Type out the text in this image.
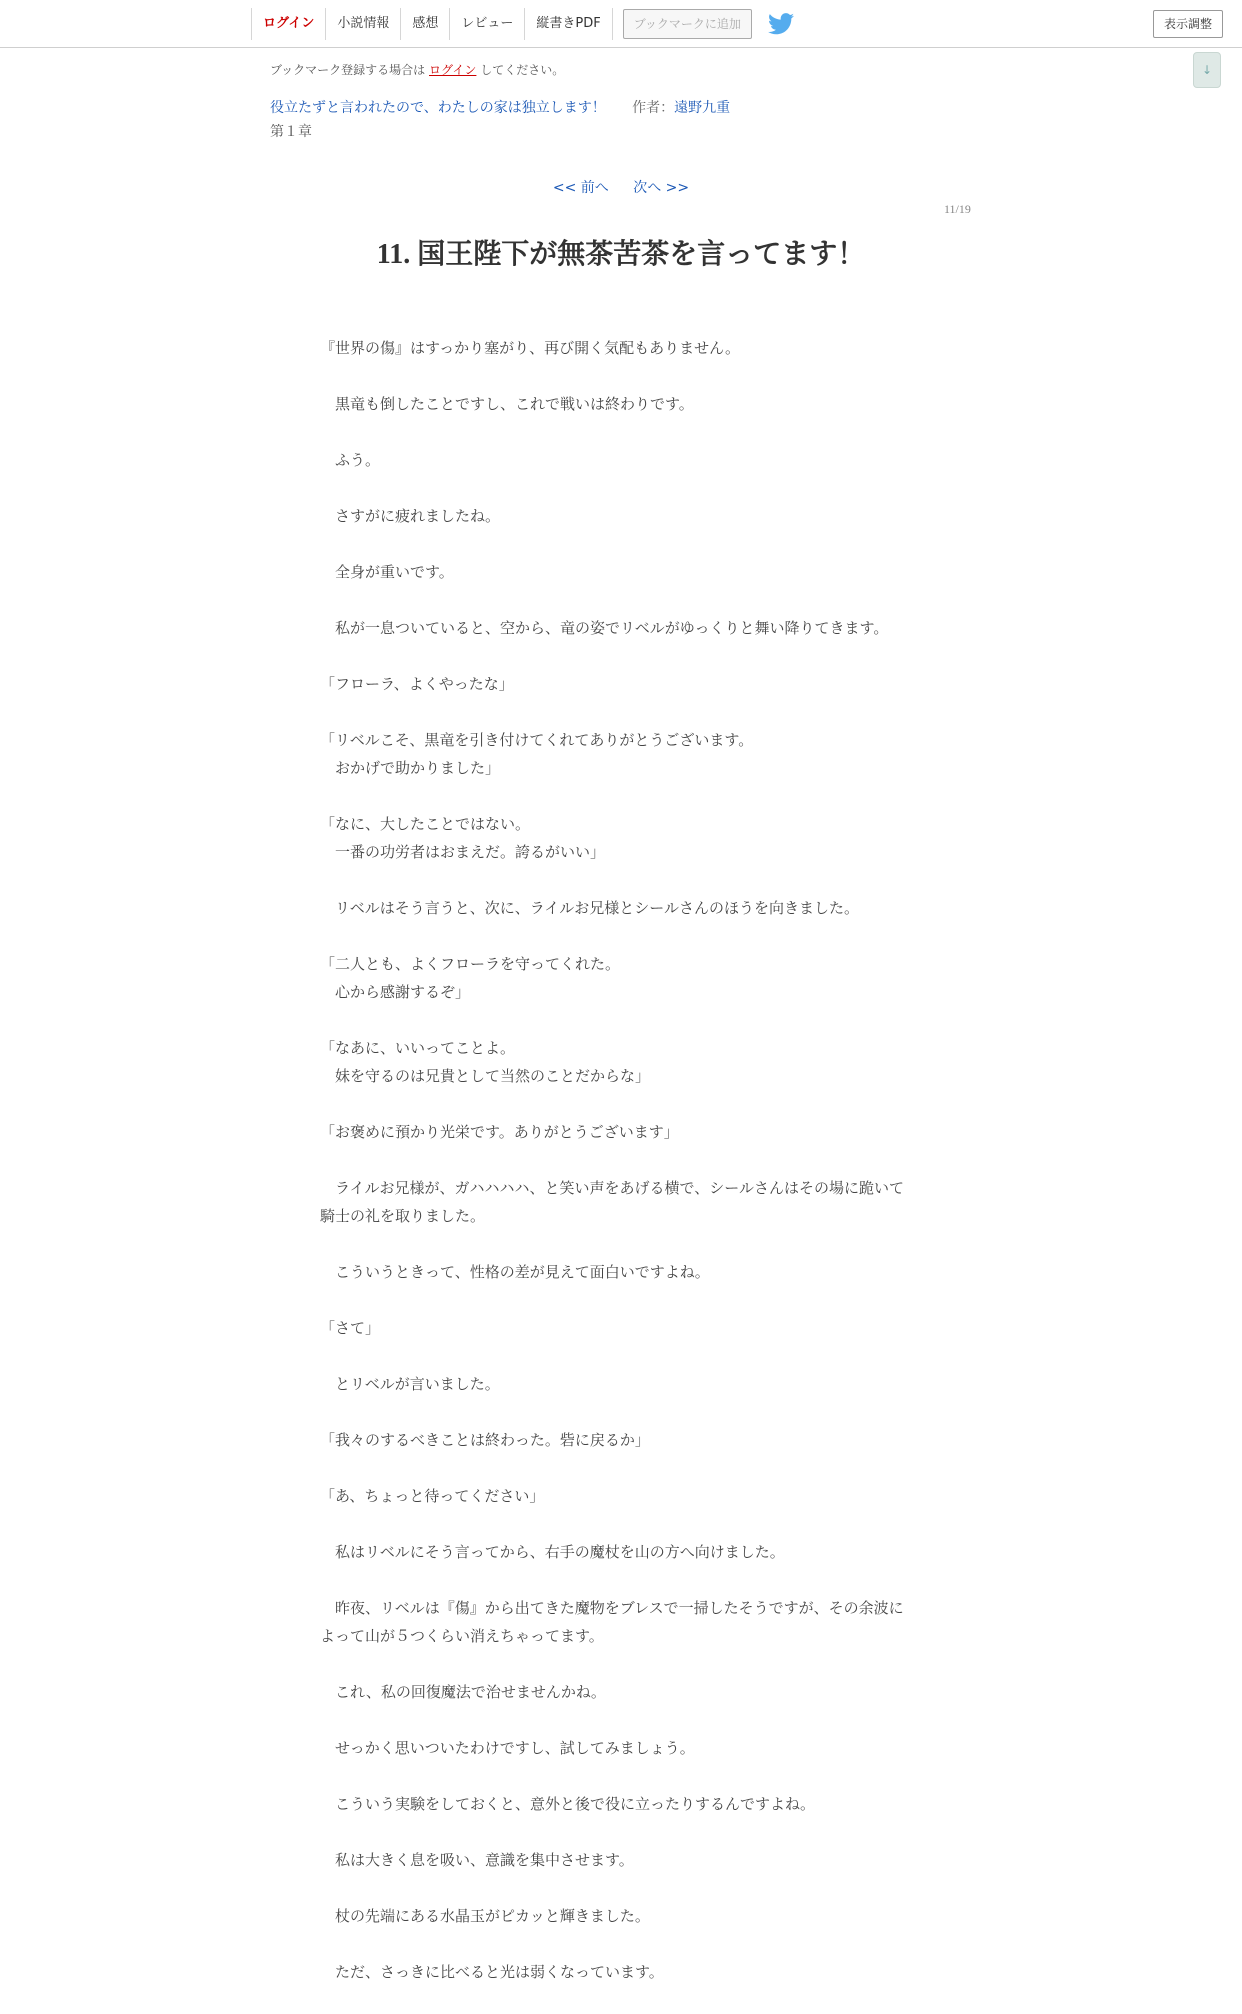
ログイン	小説情報	感想	レビュー	縦書きPDF	ブックマークに追加	表示調整
↓
ブックマーク登録する場合は ログイン してください。
役立たずと言われたので、わたしの家は独立します！ 作者：遠野九重
第１章
<< 前へ 次へ >>
11/19
11. 国王陛下が無茶苦茶を言ってます！

『世界の傷』はすっかり塞がり、再び開く気配もありません。

　黒竜も倒したことですし、これで戦いは終わりです。

　ふう。

　さすがに疲れましたね。

　全身が重いです。

　私が一息ついていると、空から、竜の姿でリベルがゆっくりと舞い降りてきます。

「フローラ、よくやったな」

「リベルこそ、黒竜を引き付けてくれてありがとうございます。
　おかげで助かりました」

「なに、大したことではない。
　一番の功労者はおまえだ。誇るがいい」

　リベルはそう言うと、次に、ライルお兄様とシールさんのほうを向きました。

「二人とも、よくフローラを守ってくれた。
　心から感謝するぞ」

「なあに、いいってことよ。
　妹を守るのは兄貴として当然のことだからな」

「お褒めに預かり光栄です。ありがとうございます」

　ライルお兄様が、ガハハハハ、と笑い声をあげる横で、シールさんはその場に跪いて騎士の礼を取りました。

　こういうときって、性格の差が見えて面白いですよね。

「さて」

　とリベルが言いました。

「我々のするべきことは終わった。砦に戻るか」

「あ、ちょっと待ってください」

　私はリベルにそう言ってから、右手の魔杖を山の方へ向けました。

　昨夜、リベルは『傷』から出てきた魔物をブレスで一掃したそうですが、その余波によって山が５つくらい消えちゃってます。

　これ、私の回復魔法で治せませんかね。

　せっかく思いついたわけですし、試してみましょう。

　こういう実験をしておくと、意外と後で役に立ったりするんですよね。

　私は大きく息を吸い、意識を集中させます。

　杖の先端にある水晶玉がピカッと輝きました。

　ただ、さっきに比べると光は弱くなっています。
